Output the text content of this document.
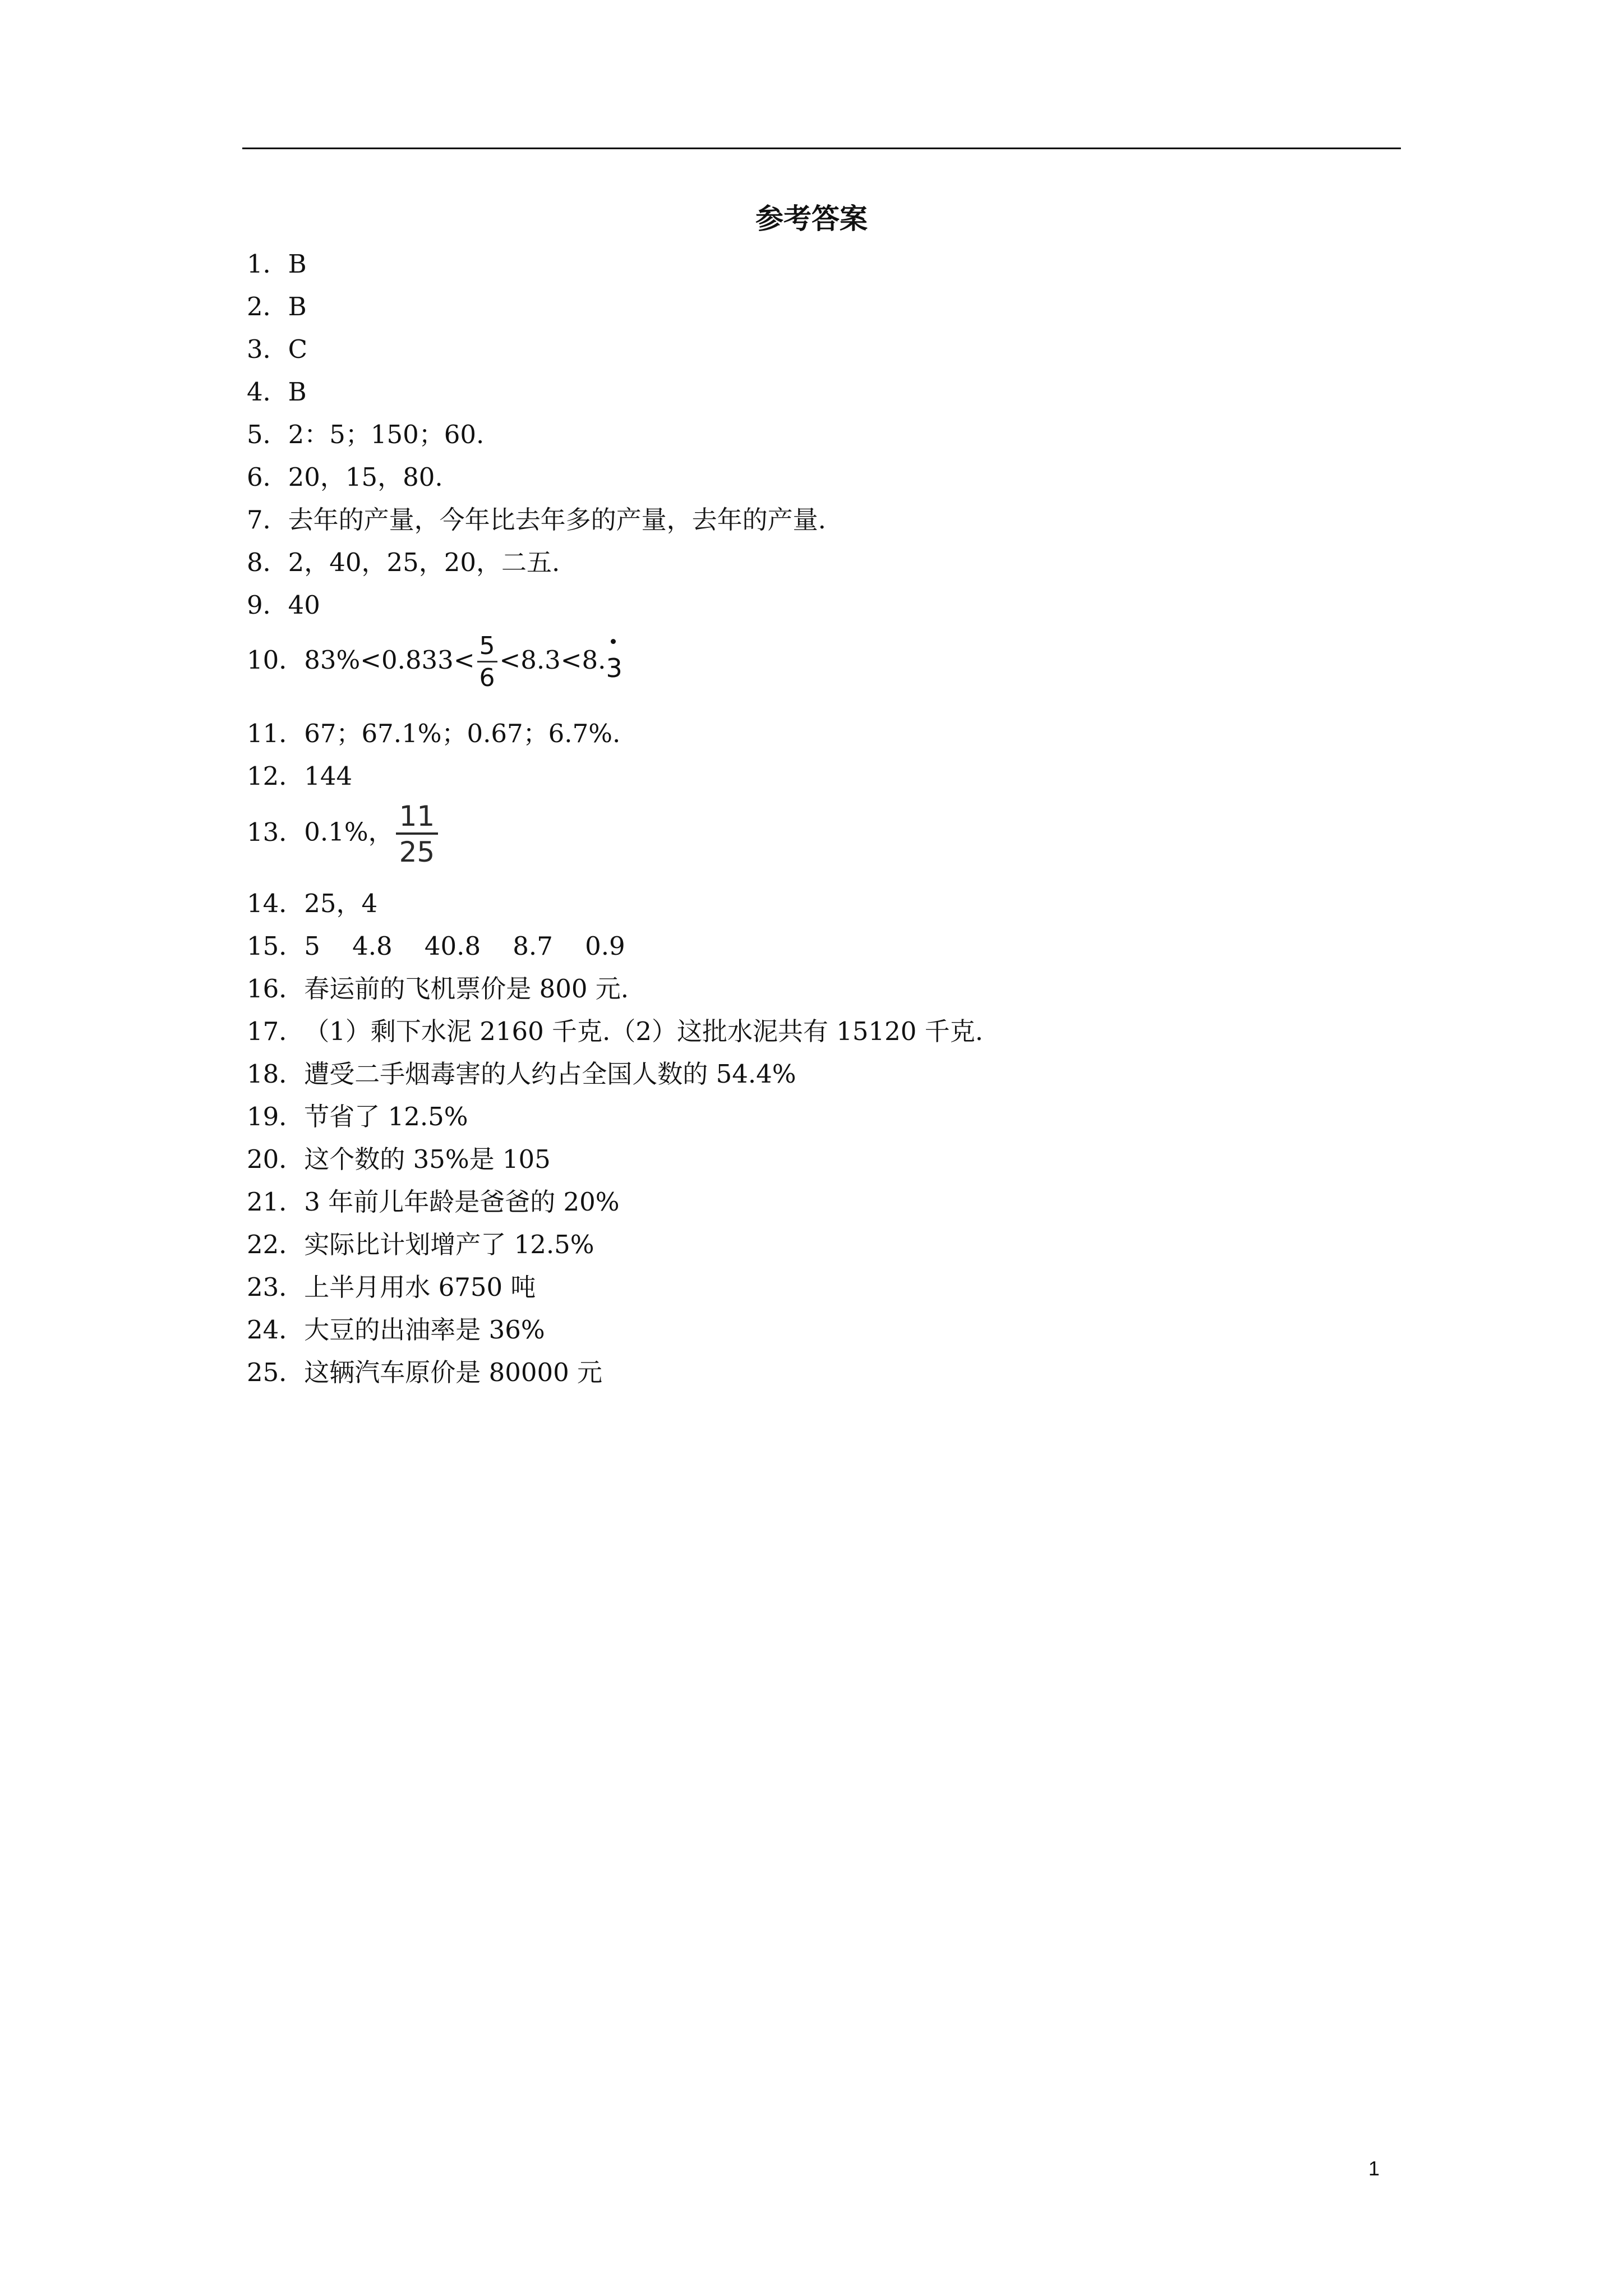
参考答案
1．B
2．B
3．C
4．B
5．2：5；150；60.
6．20，15，80.
7．去年的产量，今年比去年多的产量，去年的产量.
8．2，40，25，20，二五.
9．40
10．$83\%<0.833< \frac{5}{6} <8.3<8$.
3
11．67；67.1%；0.67；6.7%.
12．144
13．0.1%， $\frac{11}{25}$
14．25，4
15．5    4.8    40.8    8.7    0.9
16．春运前的飞机票价是 800 元.
17．（1）剩下水泥 2160 千克.（2）这批水泥共有 15120 千克.
18．遭受二手烟毒害的人约占全国人数的 54.4%
19．节省了 12.5%
20．这个数的 35%是 105
21．3 年前儿年龄是爸爸的 20%
22．实际比计划增产了 12.5%
23．上半月用水 6750 吨
24．大豆的出油率是 36%
25．这辆汽车原价是 80000 元
1
